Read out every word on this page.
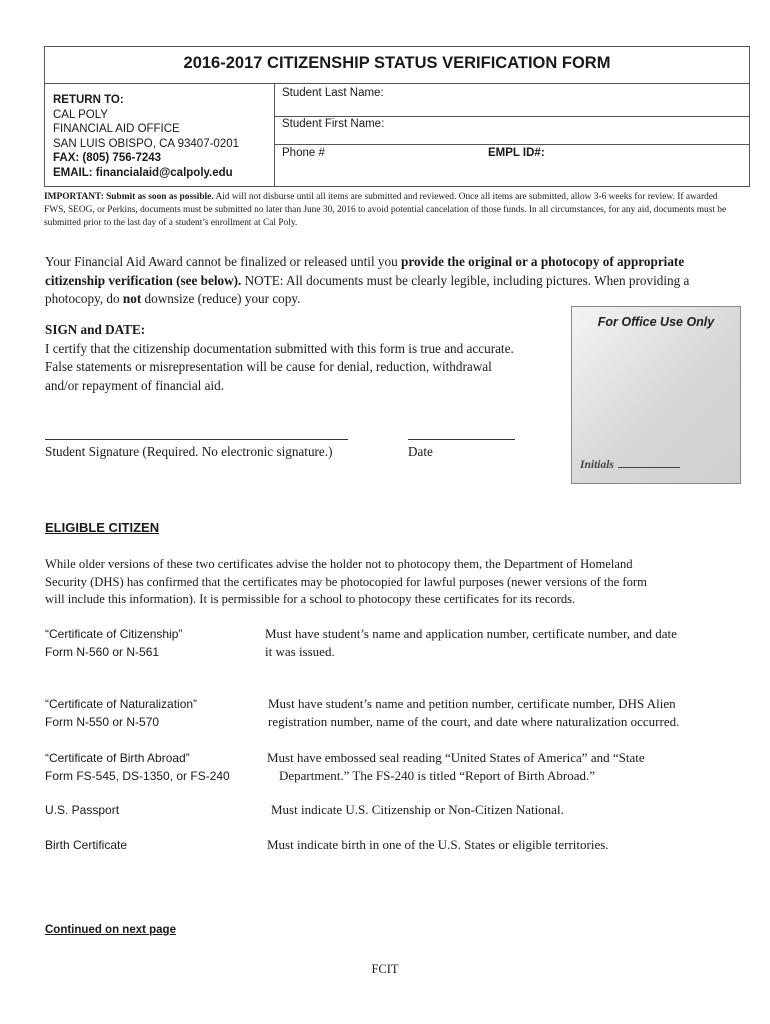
2016-2017 CITIZENSHIP STATUS VERIFICATION FORM
RETURN TO:
CAL POLY
FINANCIAL AID OFFICE
SAN LUIS OBISPO, CA 93407-0201
FAX: (805) 756-7243
EMAIL: financialaid@calpoly.edu
Student Last Name:
Student First Name:
Phone #	EMPL ID#:
IMPORTANT: Submit as soon as possible. Aid will not disburse until all items are submitted and reviewed. Once all items are submitted, allow 3-6 weeks for review. If awarded FWS, SEOG, or Perkins, documents must be submitted no later than June 30, 2016 to avoid potential cancelation of those funds. In all circumstances, for any aid, documents must be submitted prior to the last day of a student’s enrollment at Cal Poly.
Your Financial Aid Award cannot be finalized or released until you provide the original or a photocopy of appropriate citizenship verification (see below). NOTE: All documents must be clearly legible, including pictures. When providing a photocopy, do not downsize (reduce) your copy.
SIGN and DATE:
I certify that the citizenship documentation submitted with this form is true and accurate.
False statements or misrepresentation will be cause for denial, reduction, withdrawal
and/or repayment of financial aid.
Student Signature (Required. No electronic signature.)	Date
For Office Use Only
Initials
ELIGIBLE CITIZEN
While older versions of these two certificates advise the holder not to photocopy them, the Department of Homeland
Security (DHS) has confirmed that the certificates may be photocopied for lawful purposes (newer versions of the form
will include this information). It is permissible for a school to photocopy these certificates for its records.
“Certificate of Citizenship”
Form N-560 or N-561
Must have student’s name and application number, certificate number, and date
it was issued.
“Certificate of Naturalization”
Form N-550 or N-570
Must have student’s name and petition number, certificate number, DHS Alien
registration number, name of the court, and date where naturalization occurred.
“Certificate of Birth Abroad”
Form FS-545, DS-1350, or FS-240
Must have embossed seal reading “United States of America” and “State
Department.” The FS-240 is titled “Report of Birth Abroad.”
U.S. Passport	Must indicate U.S. Citizenship or Non-Citizen National.
Birth Certificate	Must indicate birth in one of the U.S. States or eligible territories.
Continued on next page
FCIT
